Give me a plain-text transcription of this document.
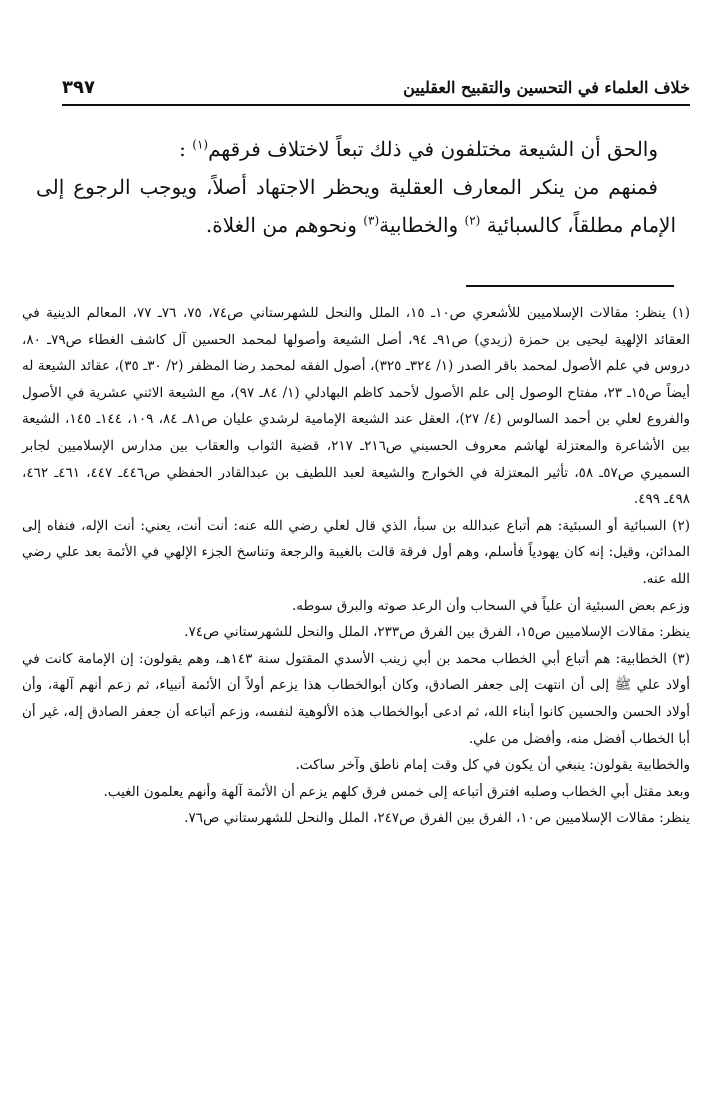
خلاف العلماء في التحسين والتقبيح العقليين
٣٩٧

والحق أن الشيعة مختلفون في ذلك تبعاً لاختلاف فرقهم$^{(١)}$ :

فمنهم من ينكر المعارف العقلية ويحظر الاجتهاد أصلاً، ويوجب الرجوع إلى الإمام مطلقاً، كالسبائية $^{(٢)}$ والخطابية$^{(٣)}$ ونحوهم من الغلاة.

(١) ينظر: مقالات الإسلاميين للأشعري ص١٠ـ ١٥، الملل والنحل للشهرستاني ص٧٤، ٧٥، ٧٦ـ ٧٧، المعالم الدينية في العقائد الإلهية ليحيى بن حمزة (زيدي) ص٩١ـ ٩٤، أصل الشيعة وأصولها لمحمد الحسين آل كاشف الغطاء ص٧٩ـ ٨٠، دروس في علم الأصول لمحمد باقر الصدر (١/ ٣٢٤ـ ٣٢٥)، أصول الفقه لمحمد رضا المظفر (٢/ ٣٠ـ ٣٥)، عقائد الشيعة له أيضاً ص١٥ـ ٢٣، مفتاح الوصول إلى علم الأصول لأحمد كاظم البهادلي (١/ ٨٤ـ ٩٧)، مع الشيعة الاثني عشرية في الأصول والفروع لعلي بن أحمد السالوس (٤/ ٢٧)، العقل عند الشيعة الإمامية لرشدي عليان ص٨١ـ ٨٤، ١٠٩، ١٤٤ـ ١٤٥، الشيعة بين الأشاعرة والمعتزلة لهاشم معروف الحسيني ص٢١٦ـ ٢١٧، قضية الثواب والعقاب بين مدارس الإسلاميين لجابر السميري ص٥٧ـ ٥٨، تأثير المعتزلة في الخوارج والشيعة لعبد اللطيف بن عبدالقادر الحفظي ص٤٤٦ـ ٤٤٧، ٤٦١ـ ٤٦٢، ٤٩٨ـ ٤٩٩.

(٢) السبائية أو السبئية: هم أتباع عبدالله بن سبأ، الذي قال لعلي رضي الله عنه: أنت أنت، يعني: أنت الإله، فنفاه إلى المدائن، وقيل: إنه كان يهودياً فأسلم، وهم أول فرقة قالت بالغيبة والرجعة وتناسخ الجزء الإلهي في الأئمة بعد علي رضي الله عنه.

وزعم بعض السبئية أن علياً في السحاب وأن الرعد صوته والبرق سوطه.

ينظر: مقالات الإسلاميين ص١٥، الفرق بين الفرق ص٢٣٣، الملل والنحل للشهرستاني ص٧٤.

(٣) الخطابية: هم أتباع أبي الخطاب محمد بن أبي زينب الأسدي المقتول سنة ١٤٣هـ، وهم يقولون: إن الإمامة كانت في أولاد علي ﷺ إلى أن انتهت إلى جعفر الصادق، وكان أبوالخطاب هذا يزعم أولاً أن الأئمة أنبياء، ثم زعم أنهم آلهة، وأن أولاد الحسن والحسين كانوا أبناء الله، ثم ادعى أبوالخطاب هذه الألوهية لنفسه، وزعم أتباعه أن جعفر الصادق إله، غير أن أبا الخطاب أفضل منه، وأفضل من علي.

والخطابية يقولون: ينبغي أن يكون في كل وقت إمام ناطق وآخر ساكت.

وبعد مقتل أبي الخطاب وصلبه افترق أتباعه إلى خمس فرق كلهم يزعم أن الأئمة آلهة وأنهم يعلمون الغيب.

ينظر: مقالات الإسلاميين ص١٠، الفرق بين الفرق ص٢٤٧، الملل والنحل للشهرستاني ص٧٦.
